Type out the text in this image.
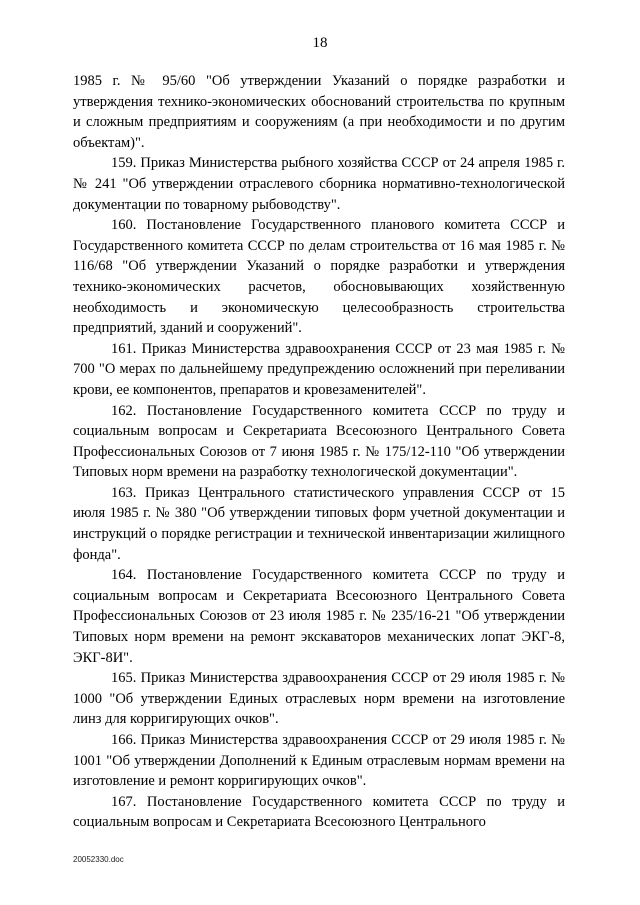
18

1985 г. № 95/60 "Об утверждении Указаний о порядке разработки и утверждения технико-экономических обоснований строительства по крупным и сложным предприятиям и сооружениям (а при необходимости и по другим объектам)".

159. Приказ Министерства рыбного хозяйства СССР от 24 апреля 1985 г. № 241 "Об утверждении отраслевого сборника нормативно-технологической документации по товарному рыбоводству".

160. Постановление Государственного планового комитета СССР и Государственного комитета СССР по делам строительства от 16 мая 1985 г. № 116/68 "Об утверждении Указаний о порядке разработки и утверждения технико-экономических расчетов, обосновывающих хозяйственную необходимость и экономическую целесообразность строительства предприятий, зданий и сооружений".

161. Приказ Министерства здравоохранения СССР от 23 мая 1985 г. № 700 "О мерах по дальнейшему предупреждению осложнений при переливании крови, ее компонентов, препаратов и кровезаменителей".

162. Постановление Государственного комитета СССР по труду и социальным вопросам и Секретариата Всесоюзного Центрального Совета Профессиональных Союзов от 7 июня 1985 г. № 175/12-110 "Об утверждении Типовых норм времени на разработку технологической документации".

163. Приказ Центрального статистического управления СССР от 15 июля 1985 г. № 380 "Об утверждении типовых форм учетной документации и инструкций о порядке регистрации и технической инвентаризации жилищного фонда".

164. Постановление Государственного комитета СССР по труду и социальным вопросам и Секретариата Всесоюзного Центрального Совета Профессиональных Союзов от 23 июля 1985 г. № 235/16-21 "Об утверждении Типовых норм времени на ремонт экскаваторов механических лопат ЭКГ-8, ЭКГ-8И".

165. Приказ Министерства здравоохранения СССР от 29 июля 1985 г. № 1000 "Об утверждении Единых отраслевых норм времени на изготовление линз для корригирующих очков".

166. Приказ Министерства здравоохранения СССР от 29 июля 1985 г. № 1001 "Об утверждении Дополнений к Единым отраслевым нормам времени на изготовление и ремонт корригирующих очков".

167. Постановление Государственного комитета СССР по труду и социальным вопросам и Секретариата Всесоюзного Центрального

20052330.doc
